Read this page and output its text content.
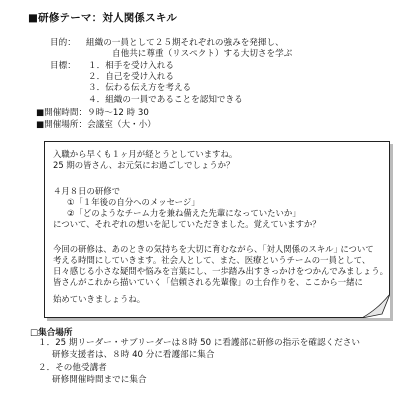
■研修テーマ：対人関係スキル
目的： 組織の一員として２５期それぞれの強みを発揮し、
自他共に尊重（リスペクト）する大切さを学ぶ
目標： １．相手を受け入れる
２．自己を受け入れる
３．伝わる伝え方を考える
４．組織の一員であることを認知できる
■開催時間：９時～12 時 30
■開催場所：会議室（大・小）

入職から早くも１ヶ月が経とうとしていますね。

25 期の皆さん、お元気にお過ごしでしょうか？

４月８日の研修で

①「１年後の自分へのメッセージ」

②「どのようなチーム力を兼ね備えた先輩になっていたいか」

について、それぞれの想いを記していただきました。覚えていますか？

今回の研修は、あのときの気持ちを大切に育むながら、｢対人関係のスキル｣ について

考える時間にしていきます。社会人として、また、医療というチームの一員として、

日々感じる小さな疑問や悩みを言葉にし、一歩踏み出すきっかけをつかんでみましょう。

皆さんがこれから描いていく「信頼される先輩像」の土台作りを、ここから一緒に

始めていきましょうね。

□集合場所
１．25 期リーダー・サブリーダーは８時 50 に看護部に研修の指示を確認ください
研修支援者は、８時 40 分に看護部に集合
２．その他受講者
研修開催時間までに集合
